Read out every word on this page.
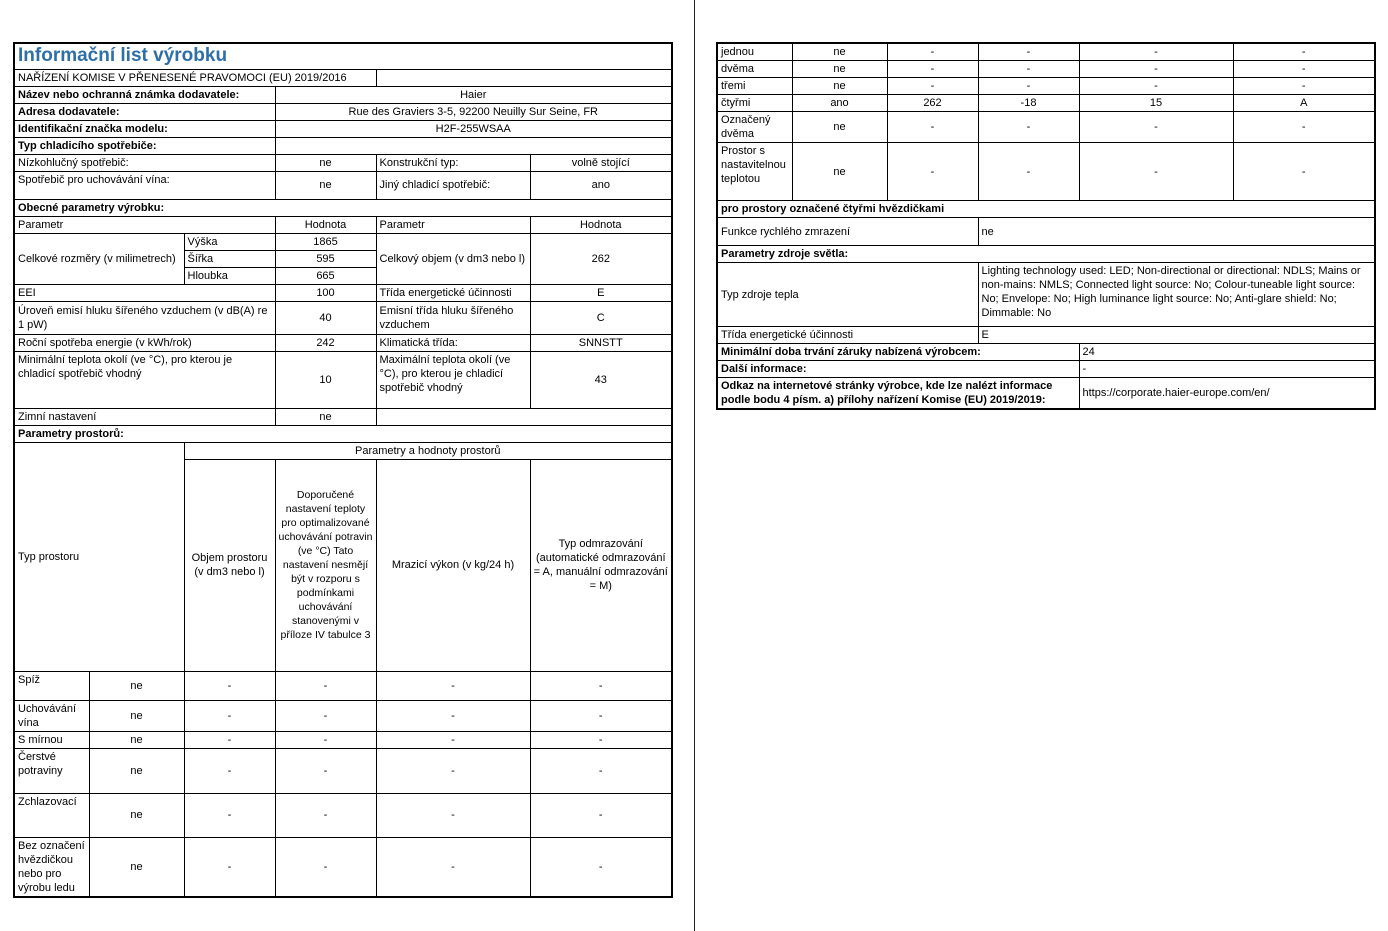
Informační list výrobku					
NAŘÍZENÍ KOMISE V PŘENESENÉ PRAVOMOCI (EU) 2019/2016					
Název nebo ochranná známka dodavatele:			Haier		
Adresa dodavatele:			Rue des Graviers 3-5, 92200 Neuilly Sur Seine, FR		
Identifikační značka modelu:			H2F-255WSAA		
Typ chladicího spotřebiče:					
Nízkohlučný spotřebič:			ne	Konstrukční typ:	volně stojící
Spotřebič pro uchovávání vína:			ne	Jiný chladicí spotřebič:	ano
Obecné parametry výrobku:					
Parametr			Hodnota	Parametr	Hodnota
Celkové rozměry (v milimetrech)		Výška	1865	Celkový objem (v dm3 nebo l)	262
		Šířka	595		
		Hloubka	665		
EEI			100	Třída energetické účinnosti	E
Úroveň emisí hluku šířeného vzduchem (v dB(A) re 1 pW)			40	Emisní třída hluku šířeného vzduchem	C
Roční spotřeba energie (v kWh/rok)			242	Klimatická třída:	SNNSTT
Minimální teplota okolí (ve °C), pro kterou je chladicí spotřebič vhodný			10	Maximální teplota okolí (ve °C), pro kterou je chladicí spotřebič vhodný	43
Zimní nastavení			ne		
Parametry prostorů:					
Typ prostoru		Parametry a hodnoty prostorů			
		Objem prostoru (v dm3 nebo l)	Doporučené nastavení teploty pro optimalizované uchovávání potravin (ve °C) Tato nastavení nesmějí být v rozporu s podmínkami uchovávání stanovenými v příloze IV tabulce 3	Mrazicí výkon (v kg/24 h)	Typ odmrazování (automatické odmrazování = A, manuální odmrazování = M)
Spíž	ne	-	-	-	-
Uchovávání vína	ne	-	-	-	-
S mírnou	ne	-	-	-	-
Čerstvé potraviny	ne	-	-	-	-
Zchlazovací	ne	-	-	-	-
Bez označení hvězdičkou nebo pro výrobu ledu	ne	-	-	-	-
jednou	ne	-	-	-	-
dvěma	ne	-	-	-	-
třemi	ne	-	-	-	-
čtyřmi	ano	262	-18	15	A
Označený dvěma	ne	-	-	-	-
Prostor s nastavitelnou teplotou	ne	-	-	-	-
pro prostory označené čtyřmi hvězdičkami					
Funkce rychlého zmrazení			ne		
Parametry zdroje světla:					
Typ zdroje tepla			Lighting technology used: LED; Non-directional or directional: NDLS; Mains or non-mains: NMLS; Connected light source: No; Colour-tuneable light source: No; Envelope: No; High luminance light source: No; Anti-glare shield: No; Dimmable: No		
Třída energetické účinnosti			E		
Minimální doba trvání záruky nabízená výrobcem:				24	
Další informace:				-	
Odkaz na internetové stránky výrobce, kde lze nalézt informace podle bodu 4 písm. a) přílohy nařízení Komise (EU) 2019/2019:				https://corporate.haier-europe.com/en/	
